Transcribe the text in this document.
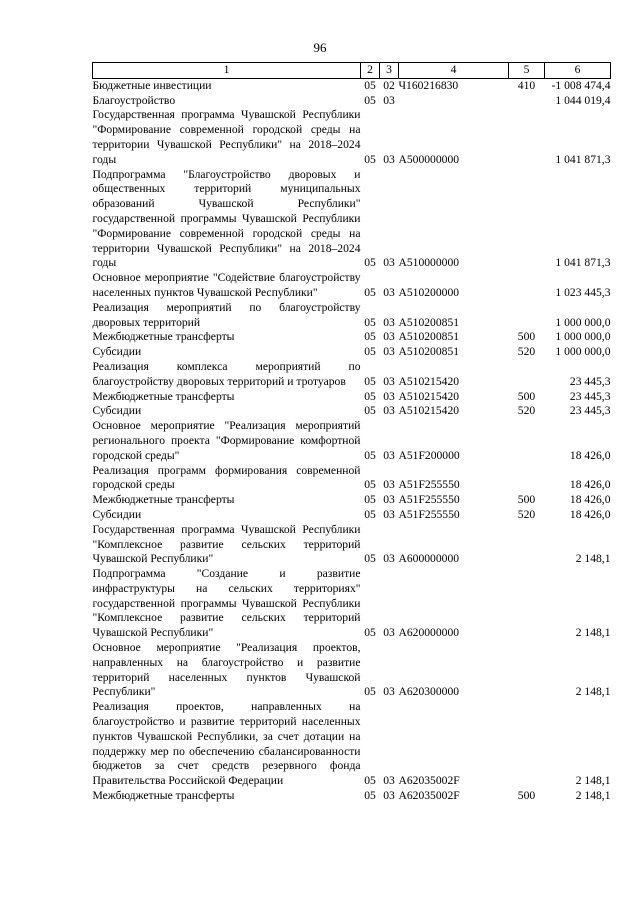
96
1	2	3	4	5	6
Бюджетные инвестиции	05	02	Ч160216830	410	-1 008 474,4
Благоустройство	05	03			1 044 019,4
Государственная программа Чувашской Республики "Формирование современной городской среды на территории Чувашской Республики" на 2018–2024 годы	05	03	А500000000		1 041 871,3
Подпрограмма "Благоустройство дворовых и общественных территорий муниципальных образований Чувашской Республики" государственной программы Чувашской Республики "Формирование современной городской среды на территории Чувашской Республики" на 2018–2024 годы	05	03	А510000000		1 041 871,3
Основное мероприятие "Содействие благоустройству населенных пунктов Чувашской Республики"	05	03	А510200000		1 023 445,3
Реализация мероприятий по благоустройству дворовых территорий	05	03	А510200851		1 000 000,0
Межбюджетные трансферты	05	03	А510200851	500	1 000 000,0
Субсидии	05	03	А510200851	520	1 000 000,0
Реализация комплекса мероприятий по благоустройству дворовых территорий и тротуаров	05	03	А510215420		23 445,3
Межбюджетные трансферты	05	03	А510215420	500	23 445,3
Субсидии	05	03	А510215420	520	23 445,3
Основное мероприятие "Реализация мероприятий регионального проекта "Формирование комфортной городской среды"	05	03	А51F200000		18 426,0
Реализация программ формирования современной городской среды	05	03	А51F255550		18 426,0
Межбюджетные трансферты	05	03	А51F255550	500	18 426,0
Субсидии	05	03	А51F255550	520	18 426,0
Государственная программа Чувашской Республики "Комплексное развитие сельских территорий Чувашской Республики"	05	03	А600000000		2 148,1
Подпрограмма "Создание и развитие инфраструктуры на сельских территориях" государственной программы Чувашской Республики "Комплексное развитие сельских территорий Чувашской Республики"	05	03	А620000000		2 148,1
Основное мероприятие "Реализация проектов, направленных на благоустройство и развитие территорий населенных пунктов Чувашской Республики"	05	03	А620300000		2 148,1
Реализация проектов, направленных на благоустройство и развитие территорий населенных пунктов Чувашской Республики, за счет дотации на поддержку мер по обеспечению сбалансированности бюджетов за счет средств резервного фонда Правительства Российской Федерации	05	03	А62035002F		2 148,1
Межбюджетные трансферты	05	03	А62035002F	500	2 148,1
